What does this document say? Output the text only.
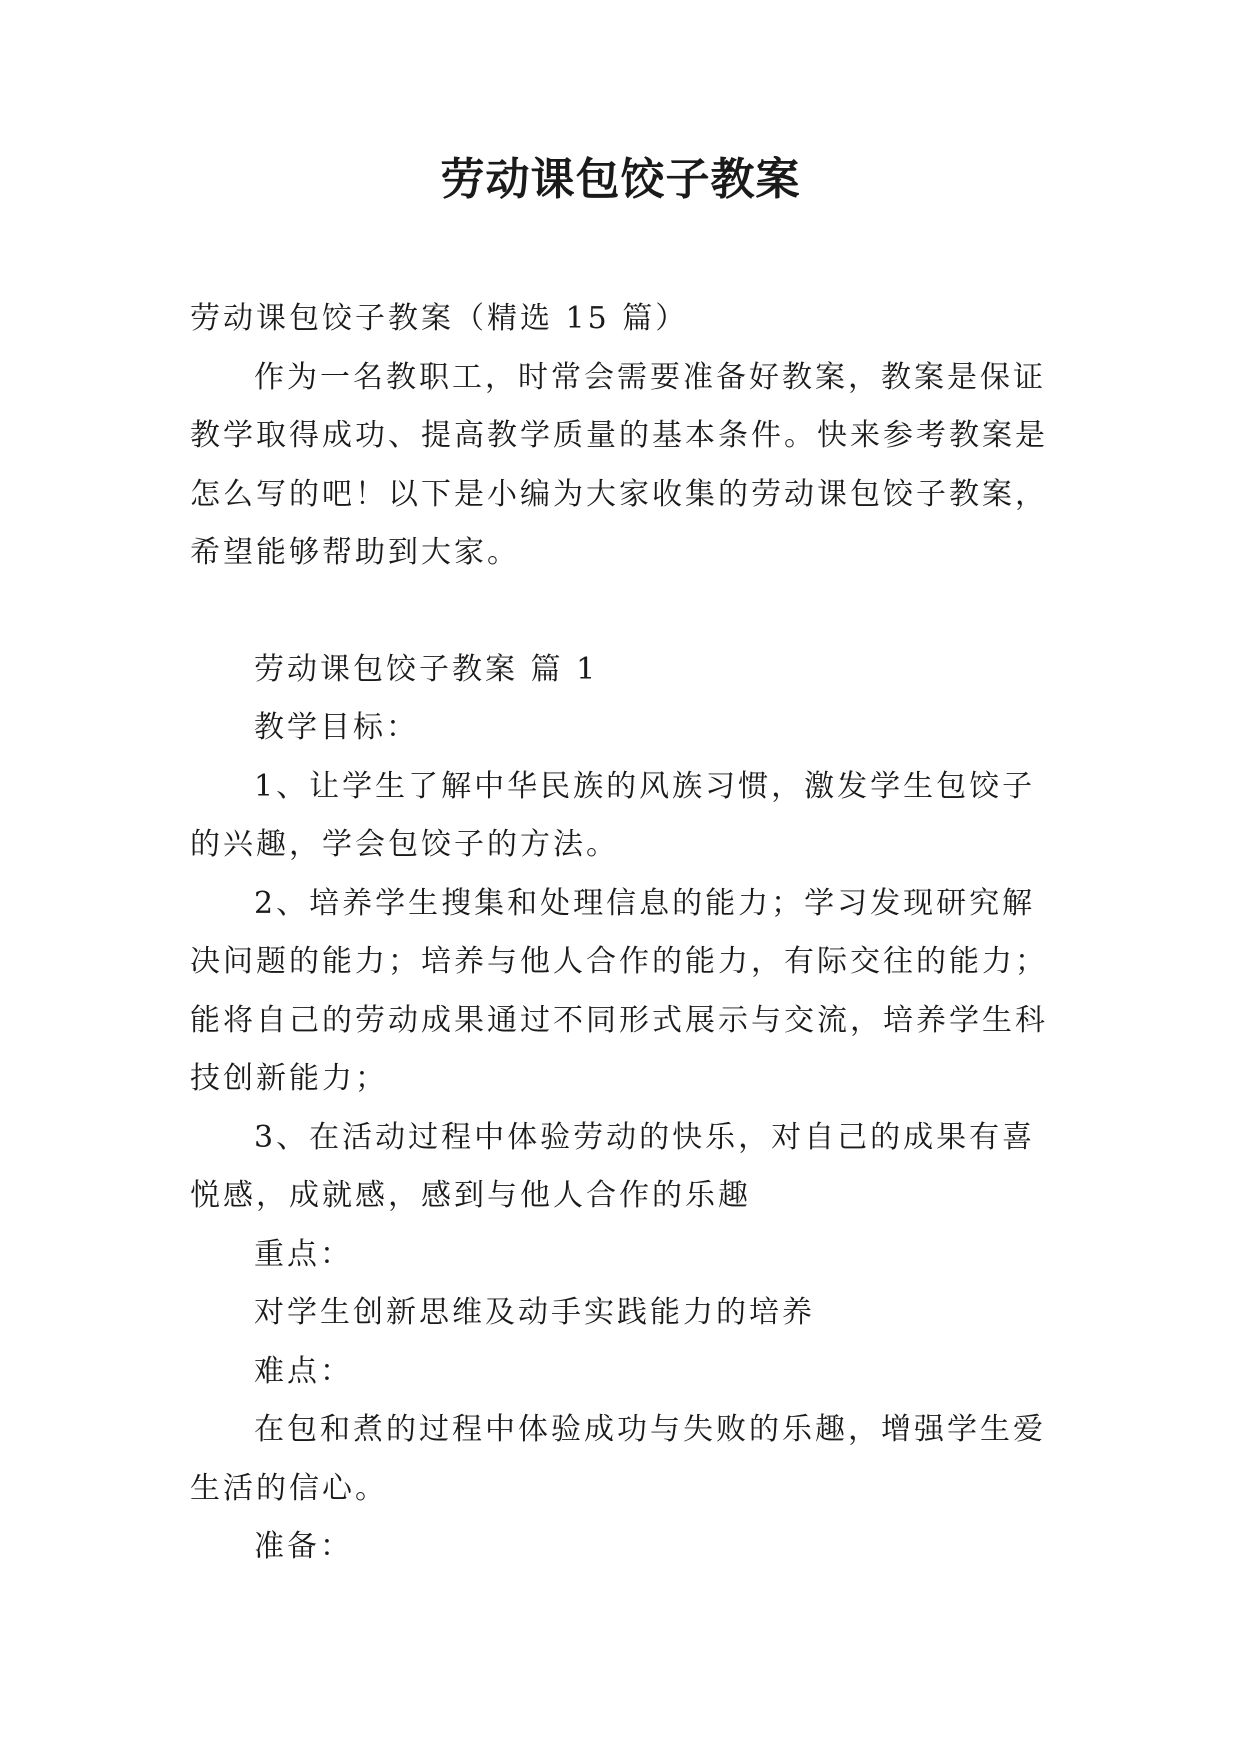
劳动课包饺子教案

劳动课包饺子教案（精选 15 篇）

作为一名教职工，时常会需要准备好教案，教案是保证教学取得成功、提高教学质量的基本条件。快来参考教案是怎么写的吧！以下是小编为大家收集的劳动课包饺子教案，希望能够帮助到大家。

劳动课包饺子教案 篇 1

教学目标：

1、让学生了解中华民族的风族习惯，激发学生包饺子的兴趣，学会包饺子的方法。

2、培养学生搜集和处理信息的能力；学习发现研究解决问题的能力；培养与他人合作的能力，有际交往的能力；能将自己的劳动成果通过不同形式展示与交流，培养学生科技创新能力；

3、在活动过程中体验劳动的快乐，对自己的成果有喜悦感，成就感，感到与他人合作的乐趣

重点：

对学生创新思维及动手实践能力的培养

难点：

在包和煮的过程中体验成功与失败的乐趣，增强学生爱生活的信心。

准备：
